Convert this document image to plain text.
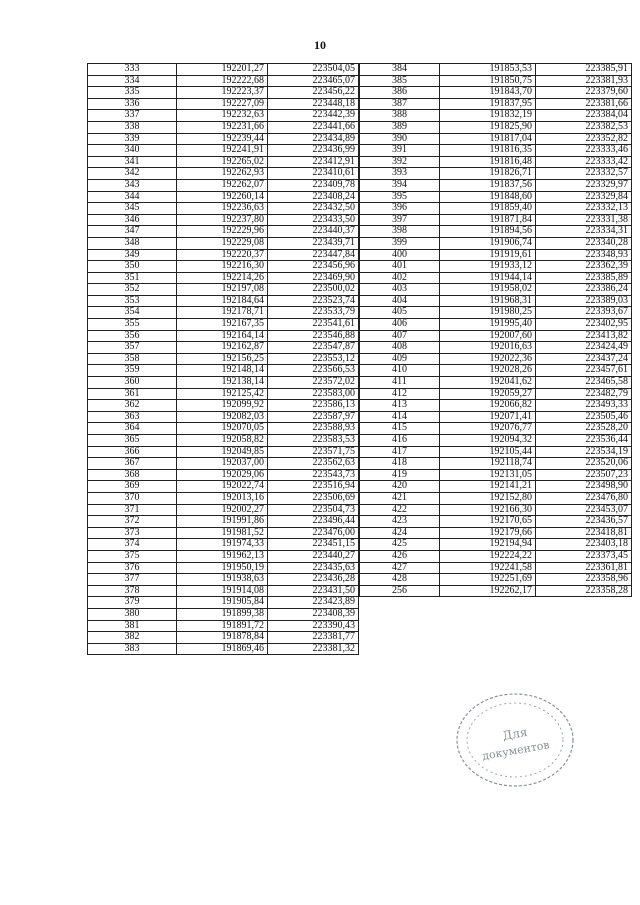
10
333	192201,27	223504,05
334	192222,68	223465,07
335	192223,37	223456,22
336	192227,09	223448,18
337	192232,63	223442,39
338	192231,66	223441,66
339	192239,44	223434,89
340	192241,91	223436,99
341	192265,02	223412,91
342	192262,93	223410,61
343	192262,07	223409,78
344	192260,14	223408,24
345	192236,63	223432,50
346	192237,80	223433,50
347	192229,96	223440,37
348	192229,08	223439,71
349	192220,37	223447,84
350	192216,30	223456,96
351	192214,26	223469,90
352	192197,08	223500,02
353	192184,64	223523,74
354	192178,71	223533,79
355	192167,35	223541,61
356	192164,14	223546,88
357	192162,87	223547,87
358	192156,25	223553,12
359	192148,14	223566,53
360	192138,14	223572,02
361	192125,42	223583,00
362	192099,92	223586,13
363	192082,03	223587,97
364	192070,05	223588,93
365	192058,82	223583,53
366	192049,85	223571,75
367	192037,00	223562,63
368	192029,06	223543,73
369	192022,74	223516,94
370	192013,16	223506,69
371	192002,27	223504,73
372	191991,86	223496,44
373	191981,52	223476,00
374	191974,33	223451,15
375	191962,13	223440,27
376	191950,19	223435,63
377	191938,63	223436,28
378	191914,08	223431,50
379	191905,84	223423,89
380	191899,38	223408,39
381	191891,72	223390,43
382	191878,84	223381,77
383	191869,46	223381,32
384	191853,53	223385,91
385	191850,75	223381,93
386	191843,70	223379,60
387	191837,95	223381,66
388	191832,19	223384,04
389	191825,90	223382,53
390	191817,04	223352,82
391	191816,35	223333,46
392	191816,48	223333,42
393	191826,71	223332,57
394	191837,56	223329,97
395	191848,60	223329,84
396	191859,40	223332,13
397	191871,84	223331,38
398	191894,56	223334,31
399	191906,74	223340,28
400	191919,61	223348,93
401	191933,12	223362,39
402	191944,14	223385,89
403	191958,02	223386,24
404	191968,31	223389,03
405	191980,25	223393,67
406	191995,40	223402,95
407	192007,60	223413,82
408	192016,63	223424,49
409	192022,36	223437,24
410	192028,26	223457,61
411	192041,62	223465,58
412	192059,27	223482,79
413	192066,82	223493,33
414	192071,41	223505,46
415	192076,77	223528,20
416	192094,32	223536,44
417	192105,44	223534,19
418	192118,74	223520,06
419	192131,05	223507,23
420	192141,21	223498,90
421	192152,80	223476,80
422	192166,30	223453,07
423	192170,65	223436,57
424	192179,66	223418,81
425	192194,94	223403,18
426	192224,22	223373,45
427	192241,58	223361,81
428	192251,69	223358,96
256	192262,17	223358,28
Для
документов
